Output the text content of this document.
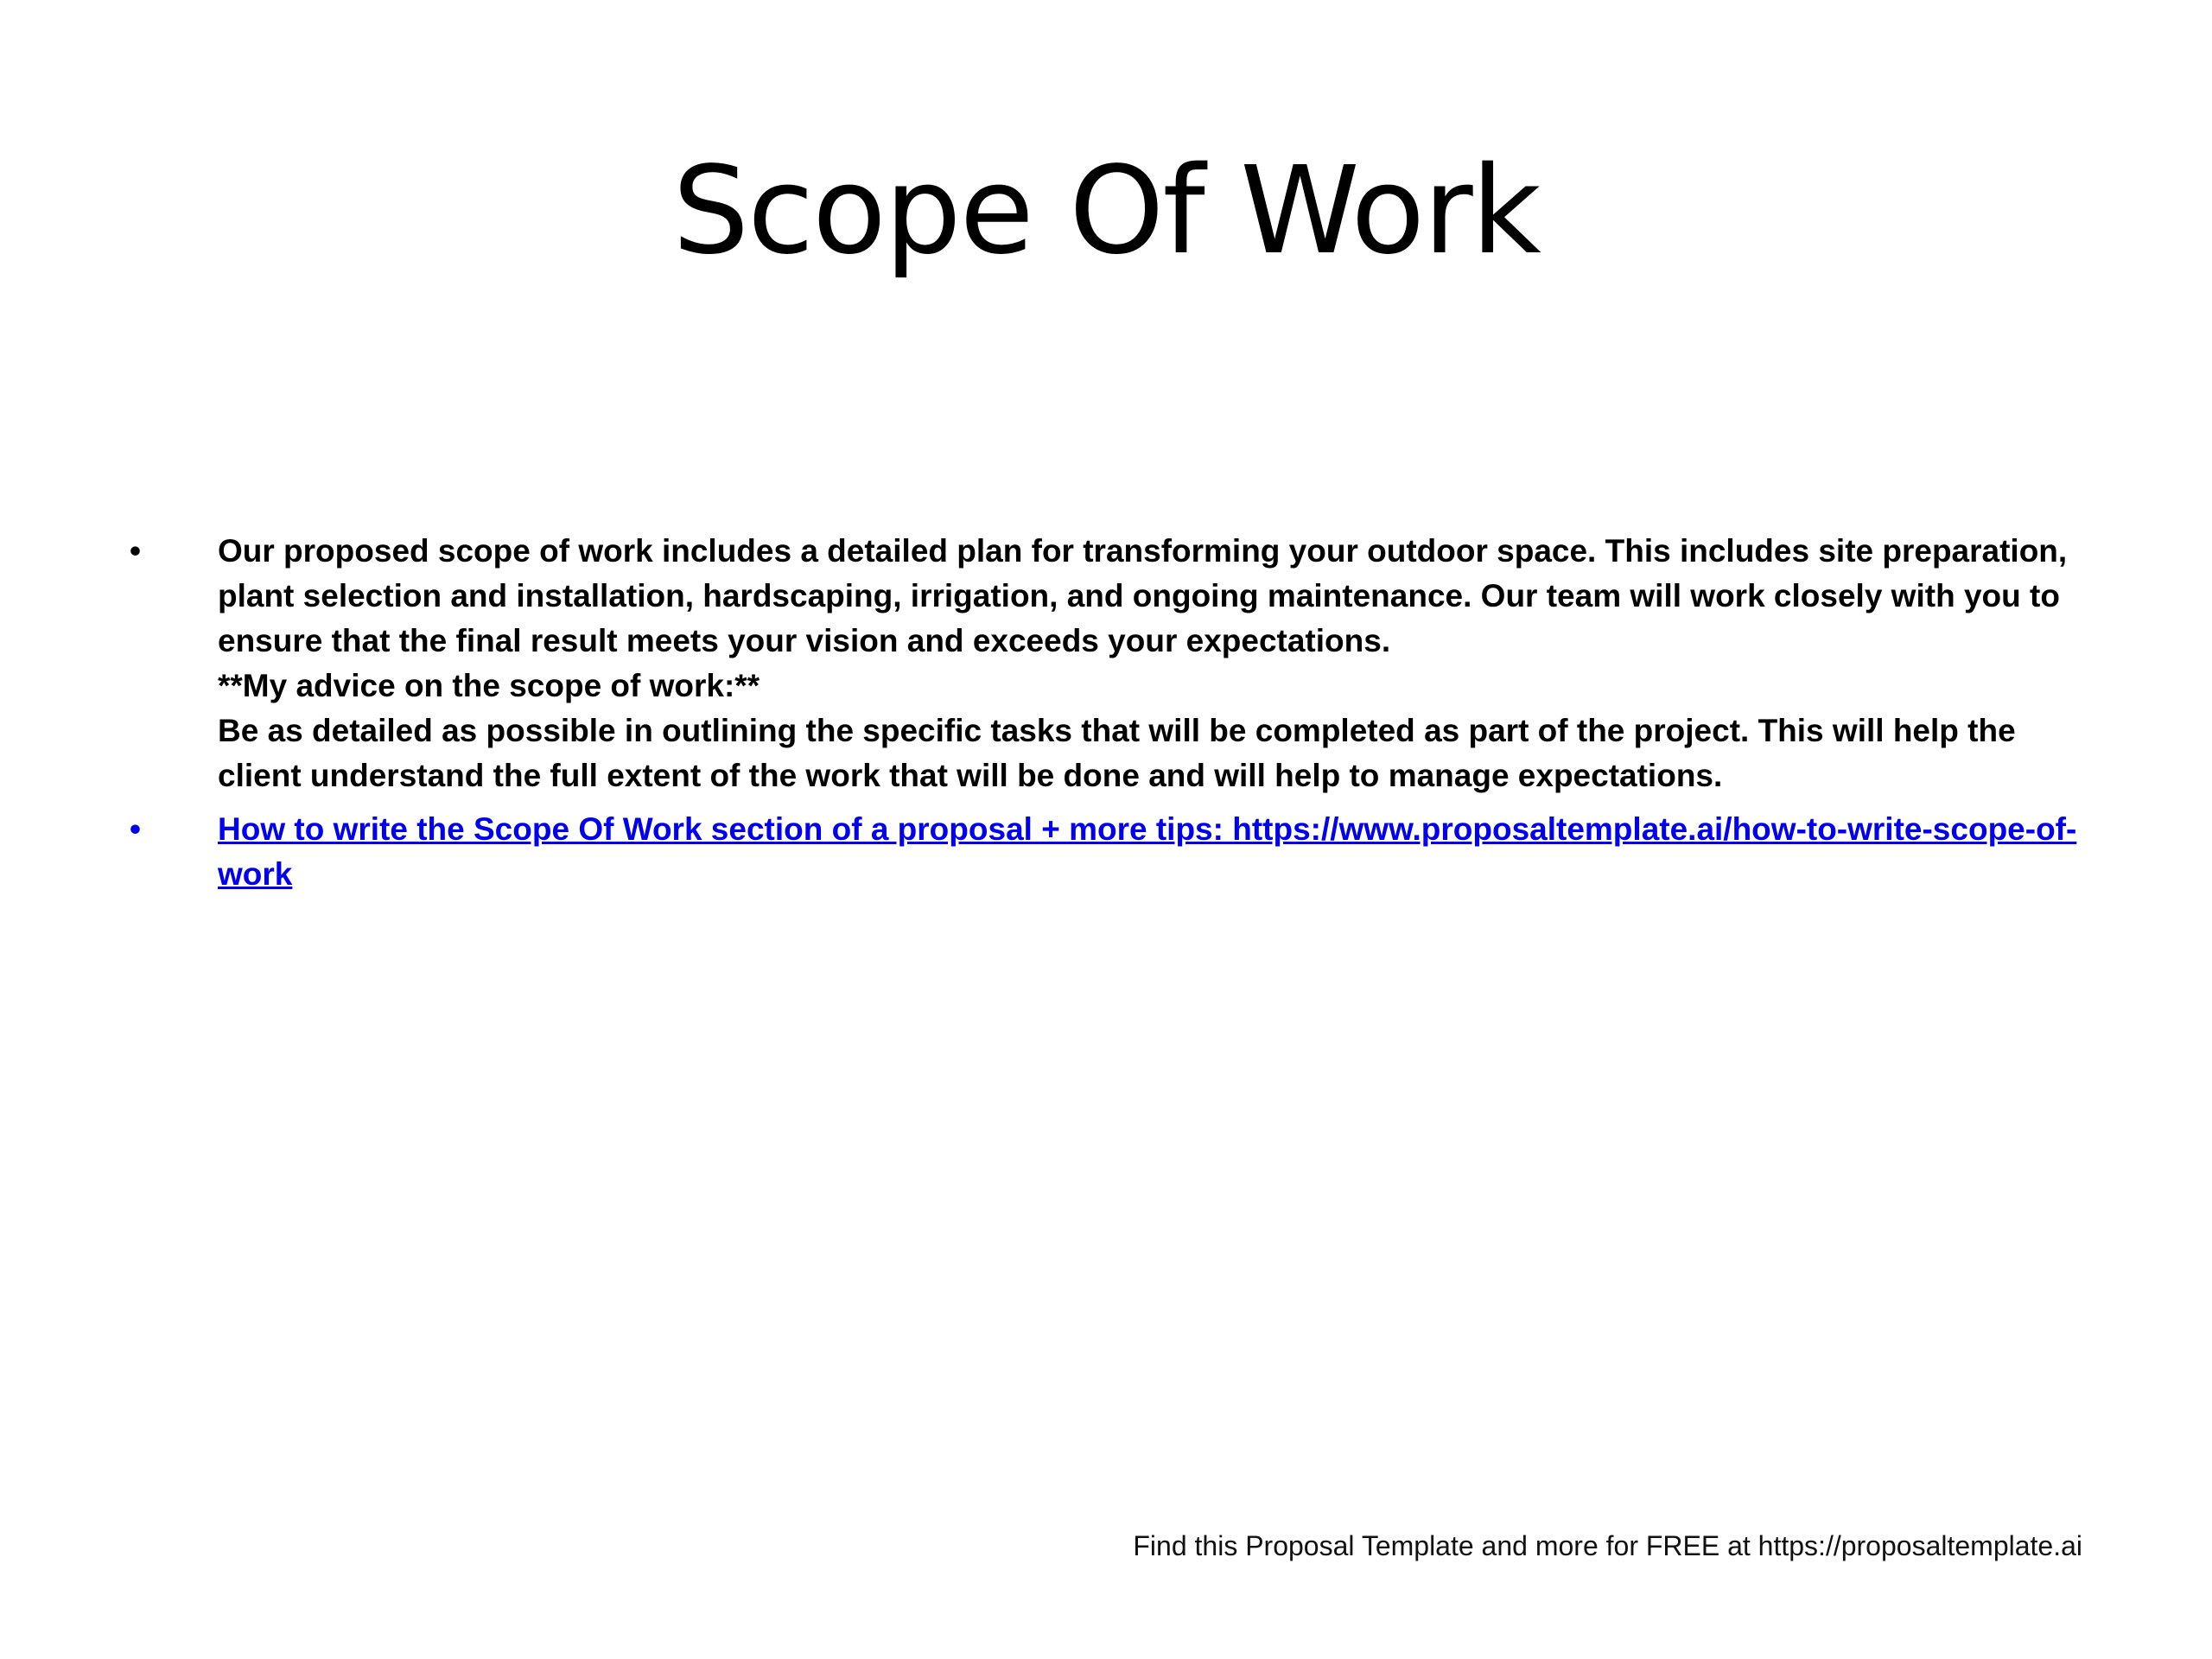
Scope Of Work
•	Our proposed scope of work includes a detailed plan for transforming your outdoor space. This includes site preparation, plant selection and installation, hardscaping, irrigation, and ongoing maintenance. Our team will work closely with you to ensure that the final result meets your vision and exceeds your expectations.

**My advice on the scope of work:**

Be as detailed as possible in outlining the specific tasks that will be completed as part of the project. This will help the client understand the full extent of the work that will be done and will help to manage expectations.

•	How to write the Scope Of Work section of a proposal + more tips: https://www.proposaltemplate.ai/how-to-write-scope-of-work
Find this Proposal Template and more for FREE at https://proposaltemplate.ai
